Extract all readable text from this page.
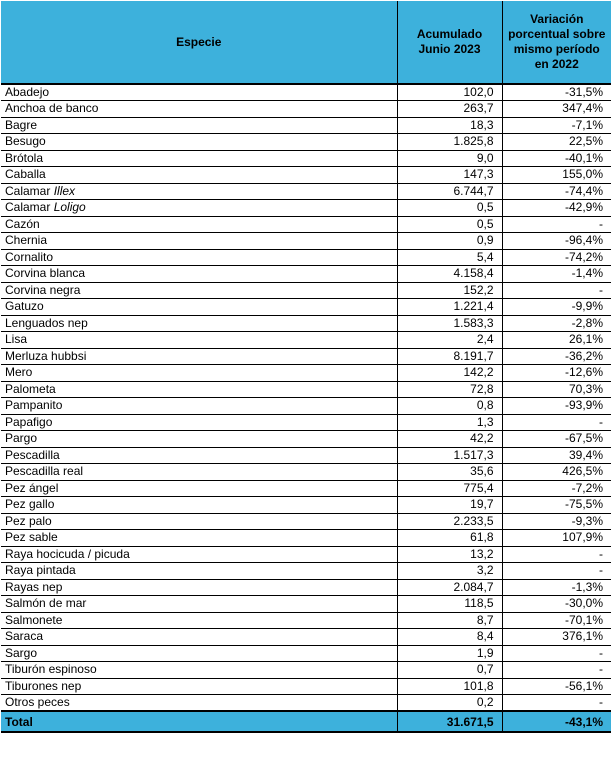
Especie	Acumulado Junio 2023	Variación porcentual sobre mismo período en 2022
Abadejo	102,0	-31,5%
Anchoa de banco	263,7	347,4%
Bagre	18,3	-7,1%
Besugo	1.825,8	22,5%
Brótola	9,0	-40,1%
Caballa	147,3	155,0%
Calamar Illex	6.744,7	-74,4%
Calamar Loligo	0,5	-42,9%
Cazón	0,5	-
Chernia	0,9	-96,4%
Cornalito	5,4	-74,2%
Corvina blanca	4.158,4	-1,4%
Corvina negra	152,2	-
Gatuzo	1.221,4	-9,9%
Lenguados nep	1.583,3	-2,8%
Lisa	2,4	26,1%
Merluza hubbsi	8.191,7	-36,2%
Mero	142,2	-12,6%
Palometa	72,8	70,3%
Pampanito	0,8	-93,9%
Papafigo	1,3	-
Pargo	42,2	-67,5%
Pescadilla	1.517,3	39,4%
Pescadilla real	35,6	426,5%
Pez ángel	775,4	-7,2%
Pez gallo	19,7	-75,5%
Pez palo	2.233,5	-9,3%
Pez sable	61,8	107,9%
Raya hocicuda / picuda	13,2	-
Raya pintada	3,2	-
Rayas nep	2.084,7	-1,3%
Salmón de mar	118,5	-30,0%
Salmonete	8,7	-70,1%
Saraca	8,4	376,1%
Sargo	1,9	-
Tiburón espinoso	0,7	-
Tiburones nep	101,8	-56,1%
Otros peces	0,2	-
Total	31.671,5	-43,1%
